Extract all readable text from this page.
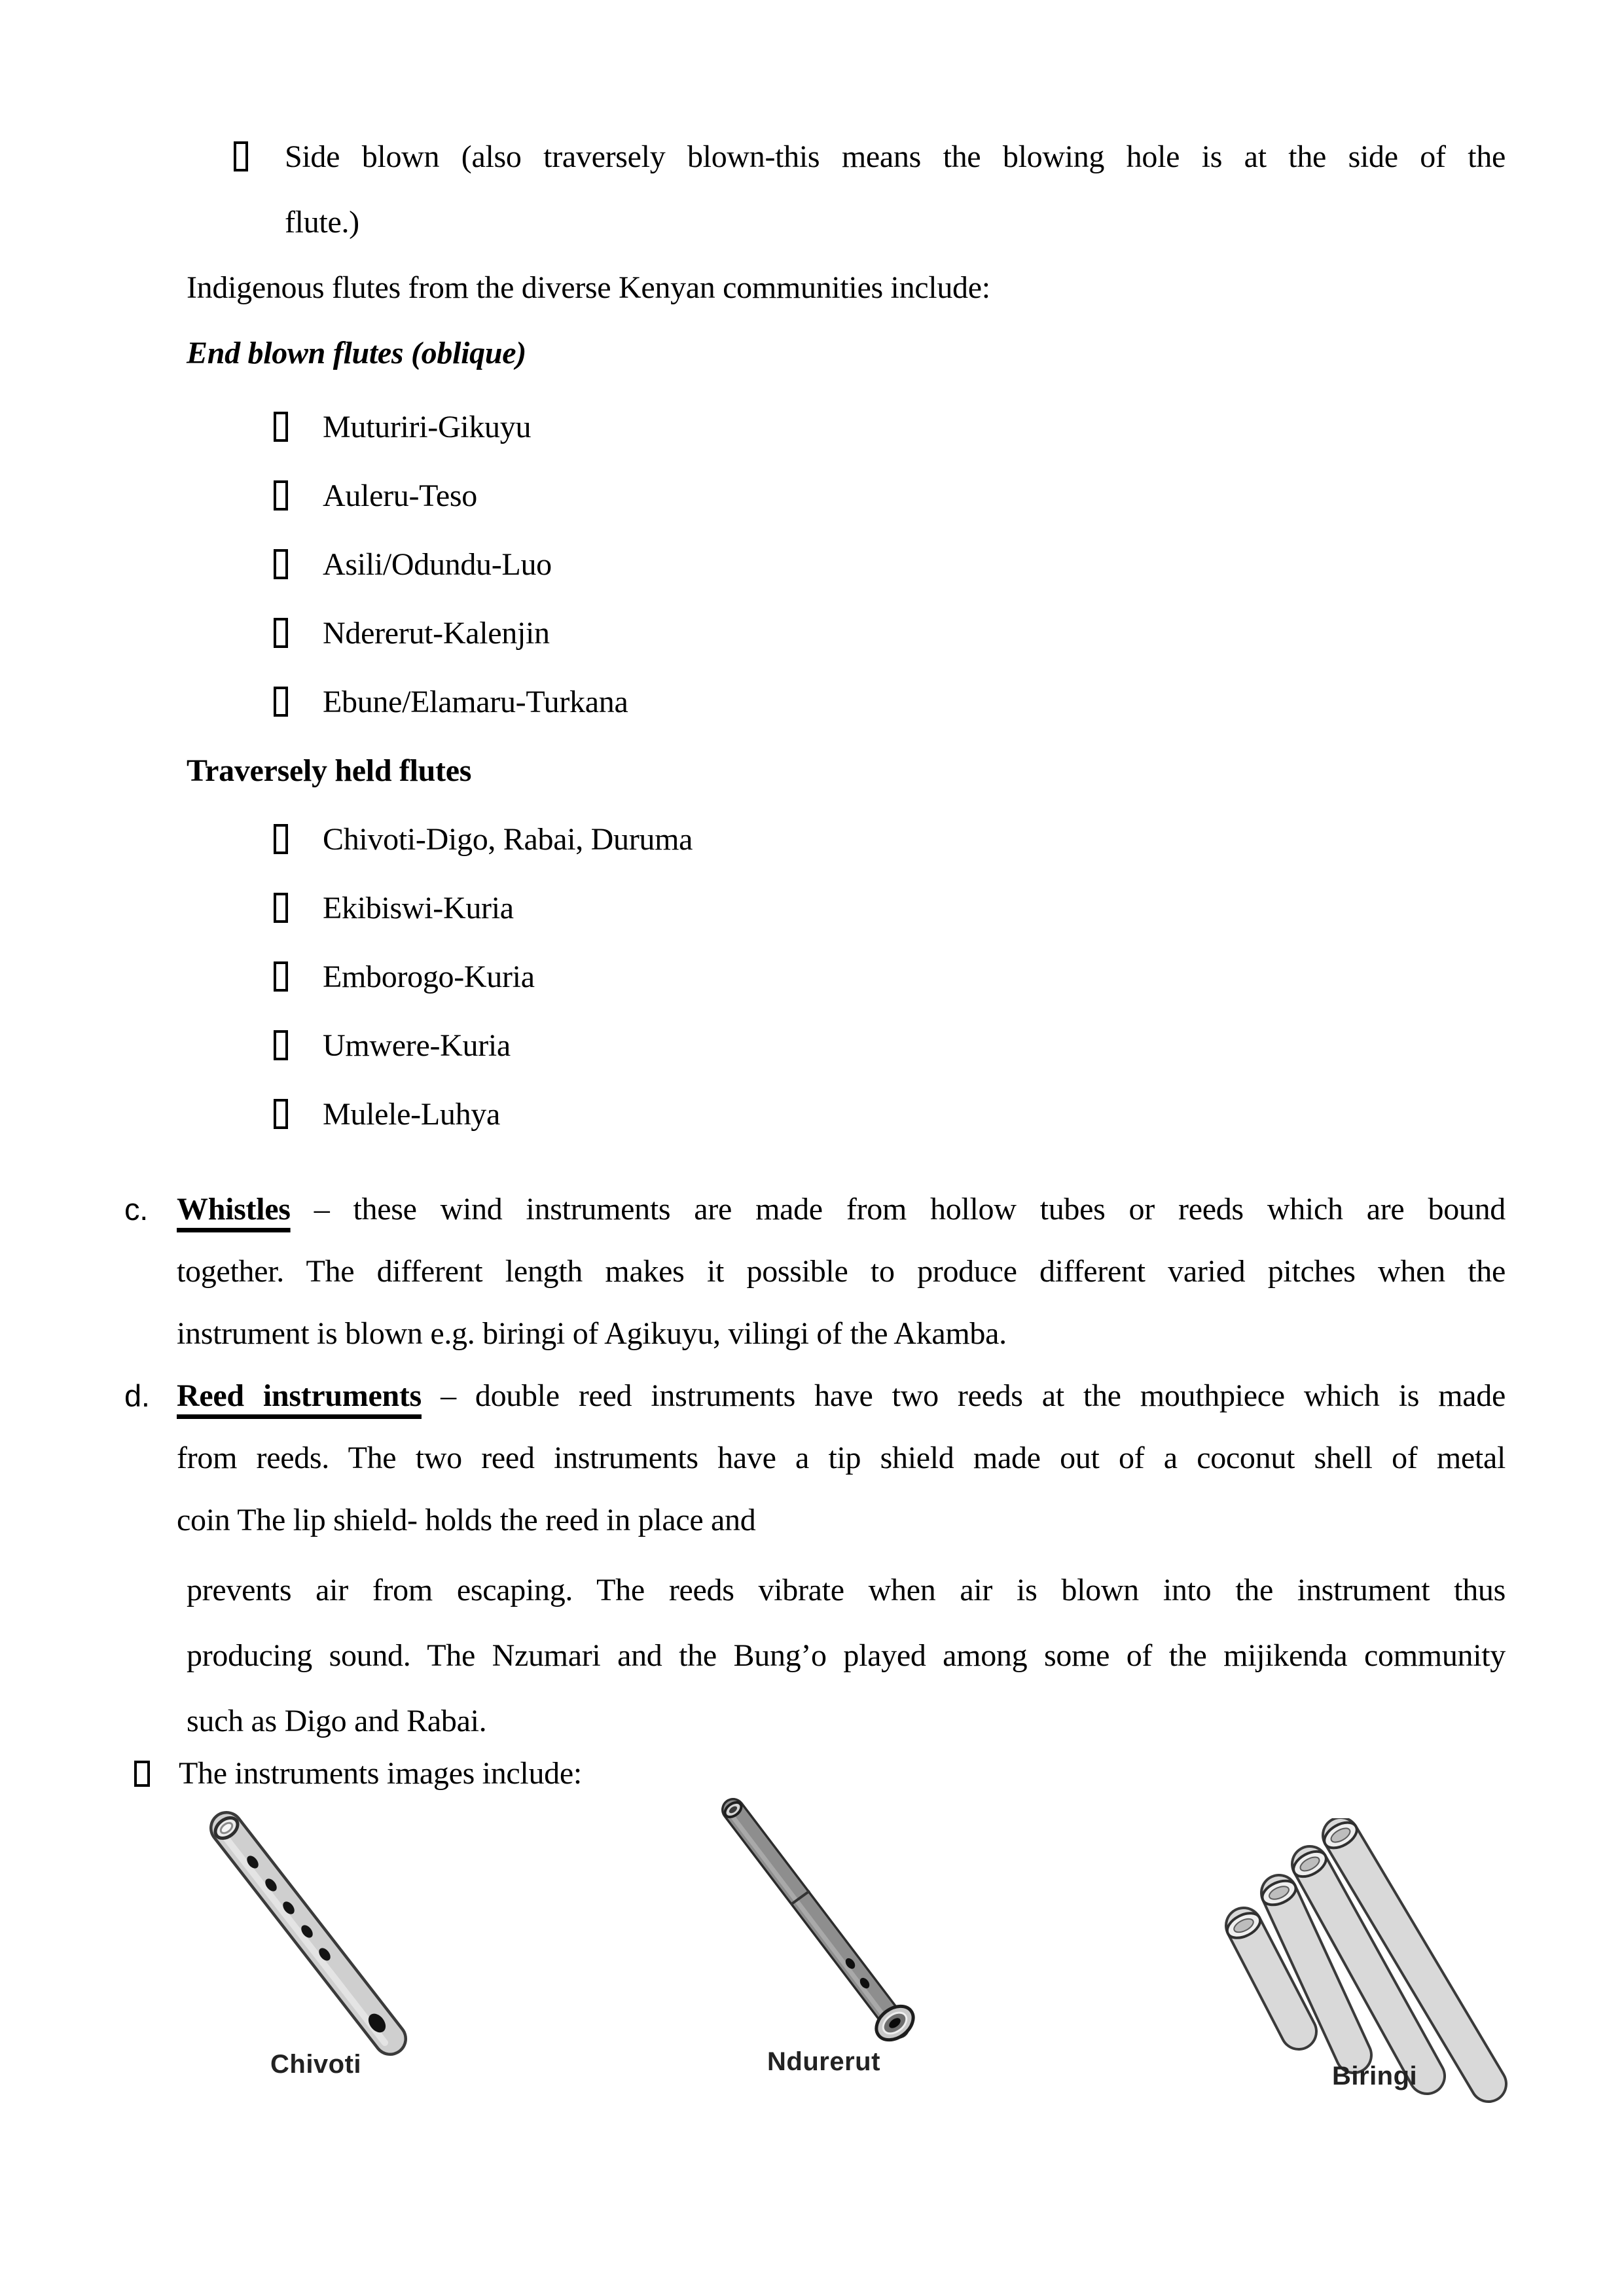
Side blown (also traversely blown-this means the blowing hole is at the side of the
flute.)
Indigenous flutes from the diverse Kenyan communities include:
End blown flutes (oblique)
Muturiri-Gikuyu
Auleru-Teso
Asili/Odundu-Luo
Ndererut-Kalenjin
Ebune/Elamaru-Turkana
Traversely held flutes
Chivoti-Digo, Rabai, Duruma
Ekibiswi-Kuria
Emborogo-Kuria
Umwere-Kuria
Mulele-Luhya
c. Whistles – these wind instruments are made from hollow tubes or reeds which are bound
together. The different length makes it possible to produce different varied pitches when the
instrument is blown e.g. biringi of Agikuyu, vilingi of the Akamba.
d. Reed instruments – double reed instruments have two reeds at the mouthpiece which is made
from reeds. The two reed instruments have a tip shield made out of a coconut shell of metal
coin The lip shield- holds the reed in place and
prevents air from escaping. The reeds vibrate when air is blown into the instrument thus
producing sound. The Nzumari and the Bung’o played among some of the mijikenda community
such as Digo and Rabai.
The instruments images include:
Chivoti	Ndurerut	Biringi
